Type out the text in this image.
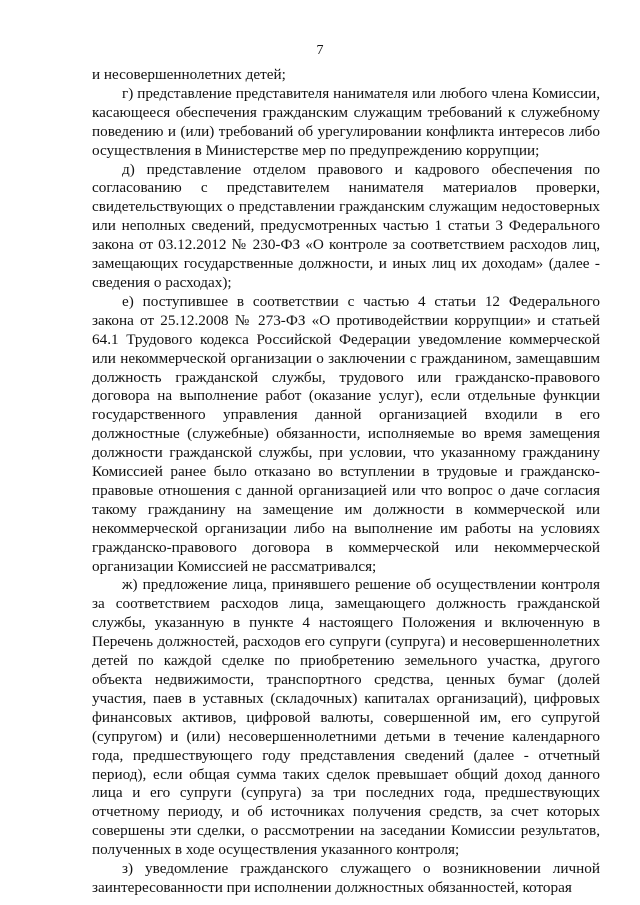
7

и несовершеннолетних детей;

г) представление представителя нанимателя или любого члена Комиссии, касающееся обеспечения гражданским служащим требований к служебному поведению и (или) требований об урегулировании конфликта интересов либо осуществления в Министерстве мер по предупреждению коррупции;

д) представление отделом правового и кадрового обеспечения по согласованию с представителем нанимателя материалов проверки, свидетельствующих о представлении гражданским служащим недостоверных или неполных сведений, предусмотренных частью 1 статьи 3 Федерального закона от 03.12.2012 № 230-ФЗ «О контроле за соответствием расходов лиц, замещающих государственные должности, и иных лиц их доходам» (далее - сведения о расходах);

е) поступившее в соответствии с частью 4 статьи 12 Федерального закона от 25.12.2008 № 273-ФЗ «О противодействии коррупции» и статьей 64.1 Трудового кодекса Российской Федерации уведомление коммерческой или некоммерческой организации о заключении с гражданином, замещавшим должность гражданской службы, трудового или гражданско-правового договора на выполнение работ (оказание услуг), если отдельные функции государственного управления данной организацией входили в его должностные (служебные) обязанности, исполняемые во время замещения должности гражданской службы, при условии, что указанному гражданину Комиссией ранее было отказано во вступлении в трудовые и гражданско-правовые отношения с данной организацией или что вопрос о даче согласия такому гражданину на замещение им должности в коммерческой или некоммерческой организации либо на выполнение им работы на условиях гражданско-правового договора в коммерческой или некоммерческой организации Комиссией не рассматривался;

ж) предложение лица, принявшего решение об осуществлении контроля за соответствием расходов лица, замещающего должность гражданской службы, указанную в пункте 4 настоящего Положения и включенную в Перечень должностей, расходов его супруги (супруга) и несовершеннолетних детей по каждой сделке по приобретению земельного участка, другого объекта недвижимости, транспортного средства, ценных бумаг (долей участия, паев в уставных (складочных) капиталах организаций), цифровых финансовых активов, цифровой валюты, совершенной им, его супругой (супругом) и (или) несовершеннолетними детьми в течение календарного года, предшествующего году представления сведений (далее - отчетный период), если общая сумма таких сделок превышает общий доход данного лица и его супруги (супруга) за три последних года, предшествующих отчетному периоду, и об источниках получения средств, за счет которых совершены эти сделки, о рассмотрении на заседании Комиссии результатов, полученных в ходе осуществления указанного контроля;

з) уведомление гражданского служащего о возникновении личной заинтересованности при исполнении должностных обязанностей, которая
